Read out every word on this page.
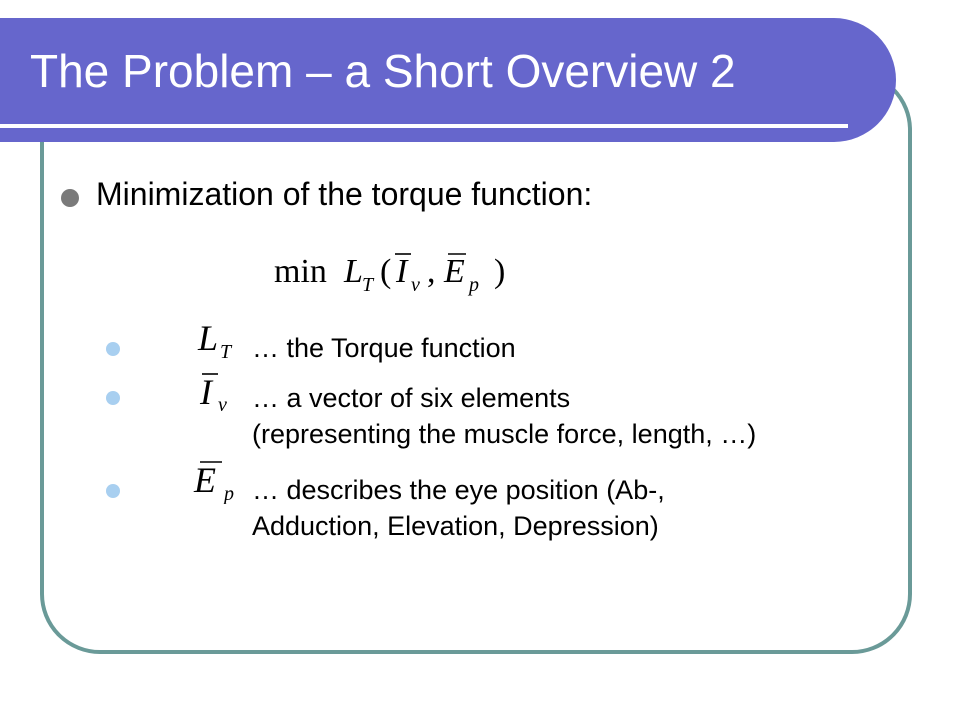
The Problem – a Short Overview 2
Minimization of the torque function:
min L T ( I v , E p )
L T … the Torque function
I v … a vector of six elements
(representing the muscle force, length, …)
E p … describes the eye position (Ab-,
Adduction, Elevation, Depression)
